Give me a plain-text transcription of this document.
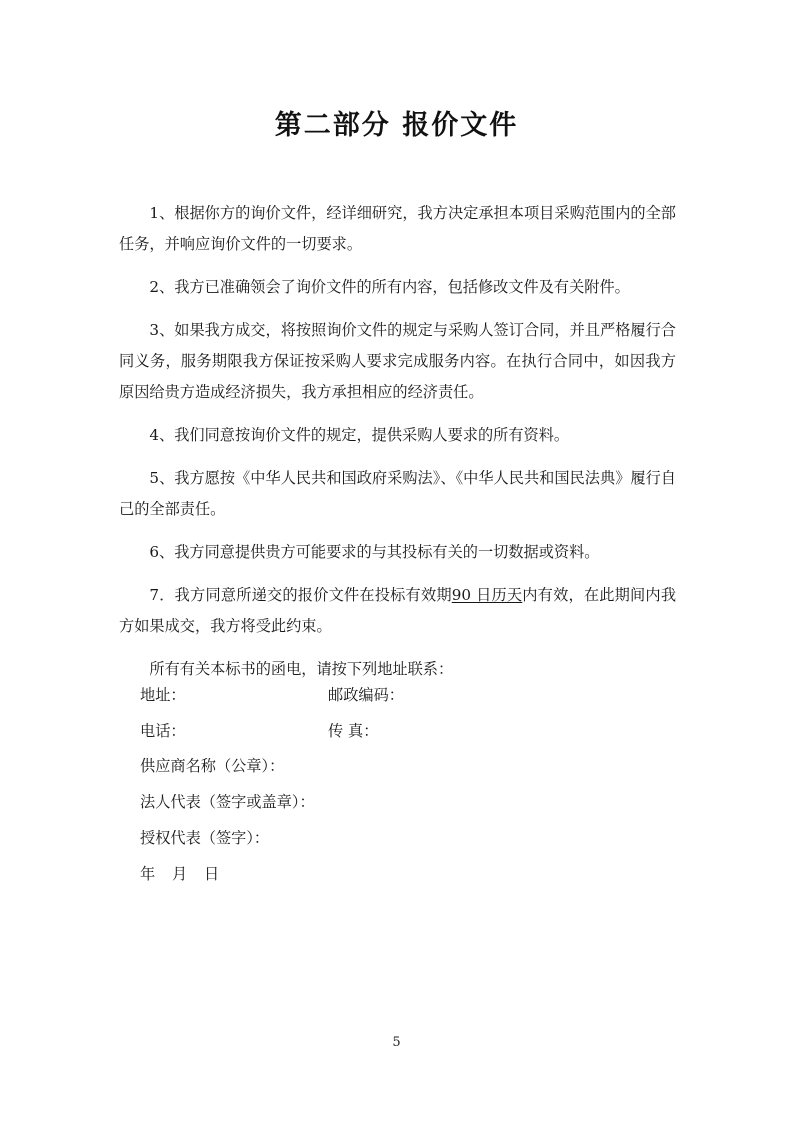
第二部分 报价文件

1、根据你方的询价文件，经详细研究，我方决定承担本项目采购范围内的全部任务，并响应询价文件的一切要求。

2、我方已准确领会了询价文件的所有内容，包括修改文件及有关附件。

3、如果我方成交，将按照询价文件的规定与采购人签订合同，并且严格履行合同义务，服务期限我方保证按采购人要求完成服务内容。在执行合同中，如因我方原因给贵方造成经济损失，我方承担相应的经济责任。

4、我们同意按询价文件的规定，提供采购人要求的所有资料。

5、我方愿按《中华人民共和国政府采购法》、《中华人民共和国民法典》履行自己的全部责任。

6、我方同意提供贵方可能要求的与其投标有关的一切数据或资料。

7．我方同意所递交的报价文件在投标有效期90 日历天内有效，在此期间内我方如果成交，我方将受此约束。

所有有关本标书的函电，请按下列地址联系：

地址：	邮政编码：
电话：	传 真：
供应商名称（公章）：
法人代表（签字或盖章）：
授权代表（签字）：
年 月 日
5
